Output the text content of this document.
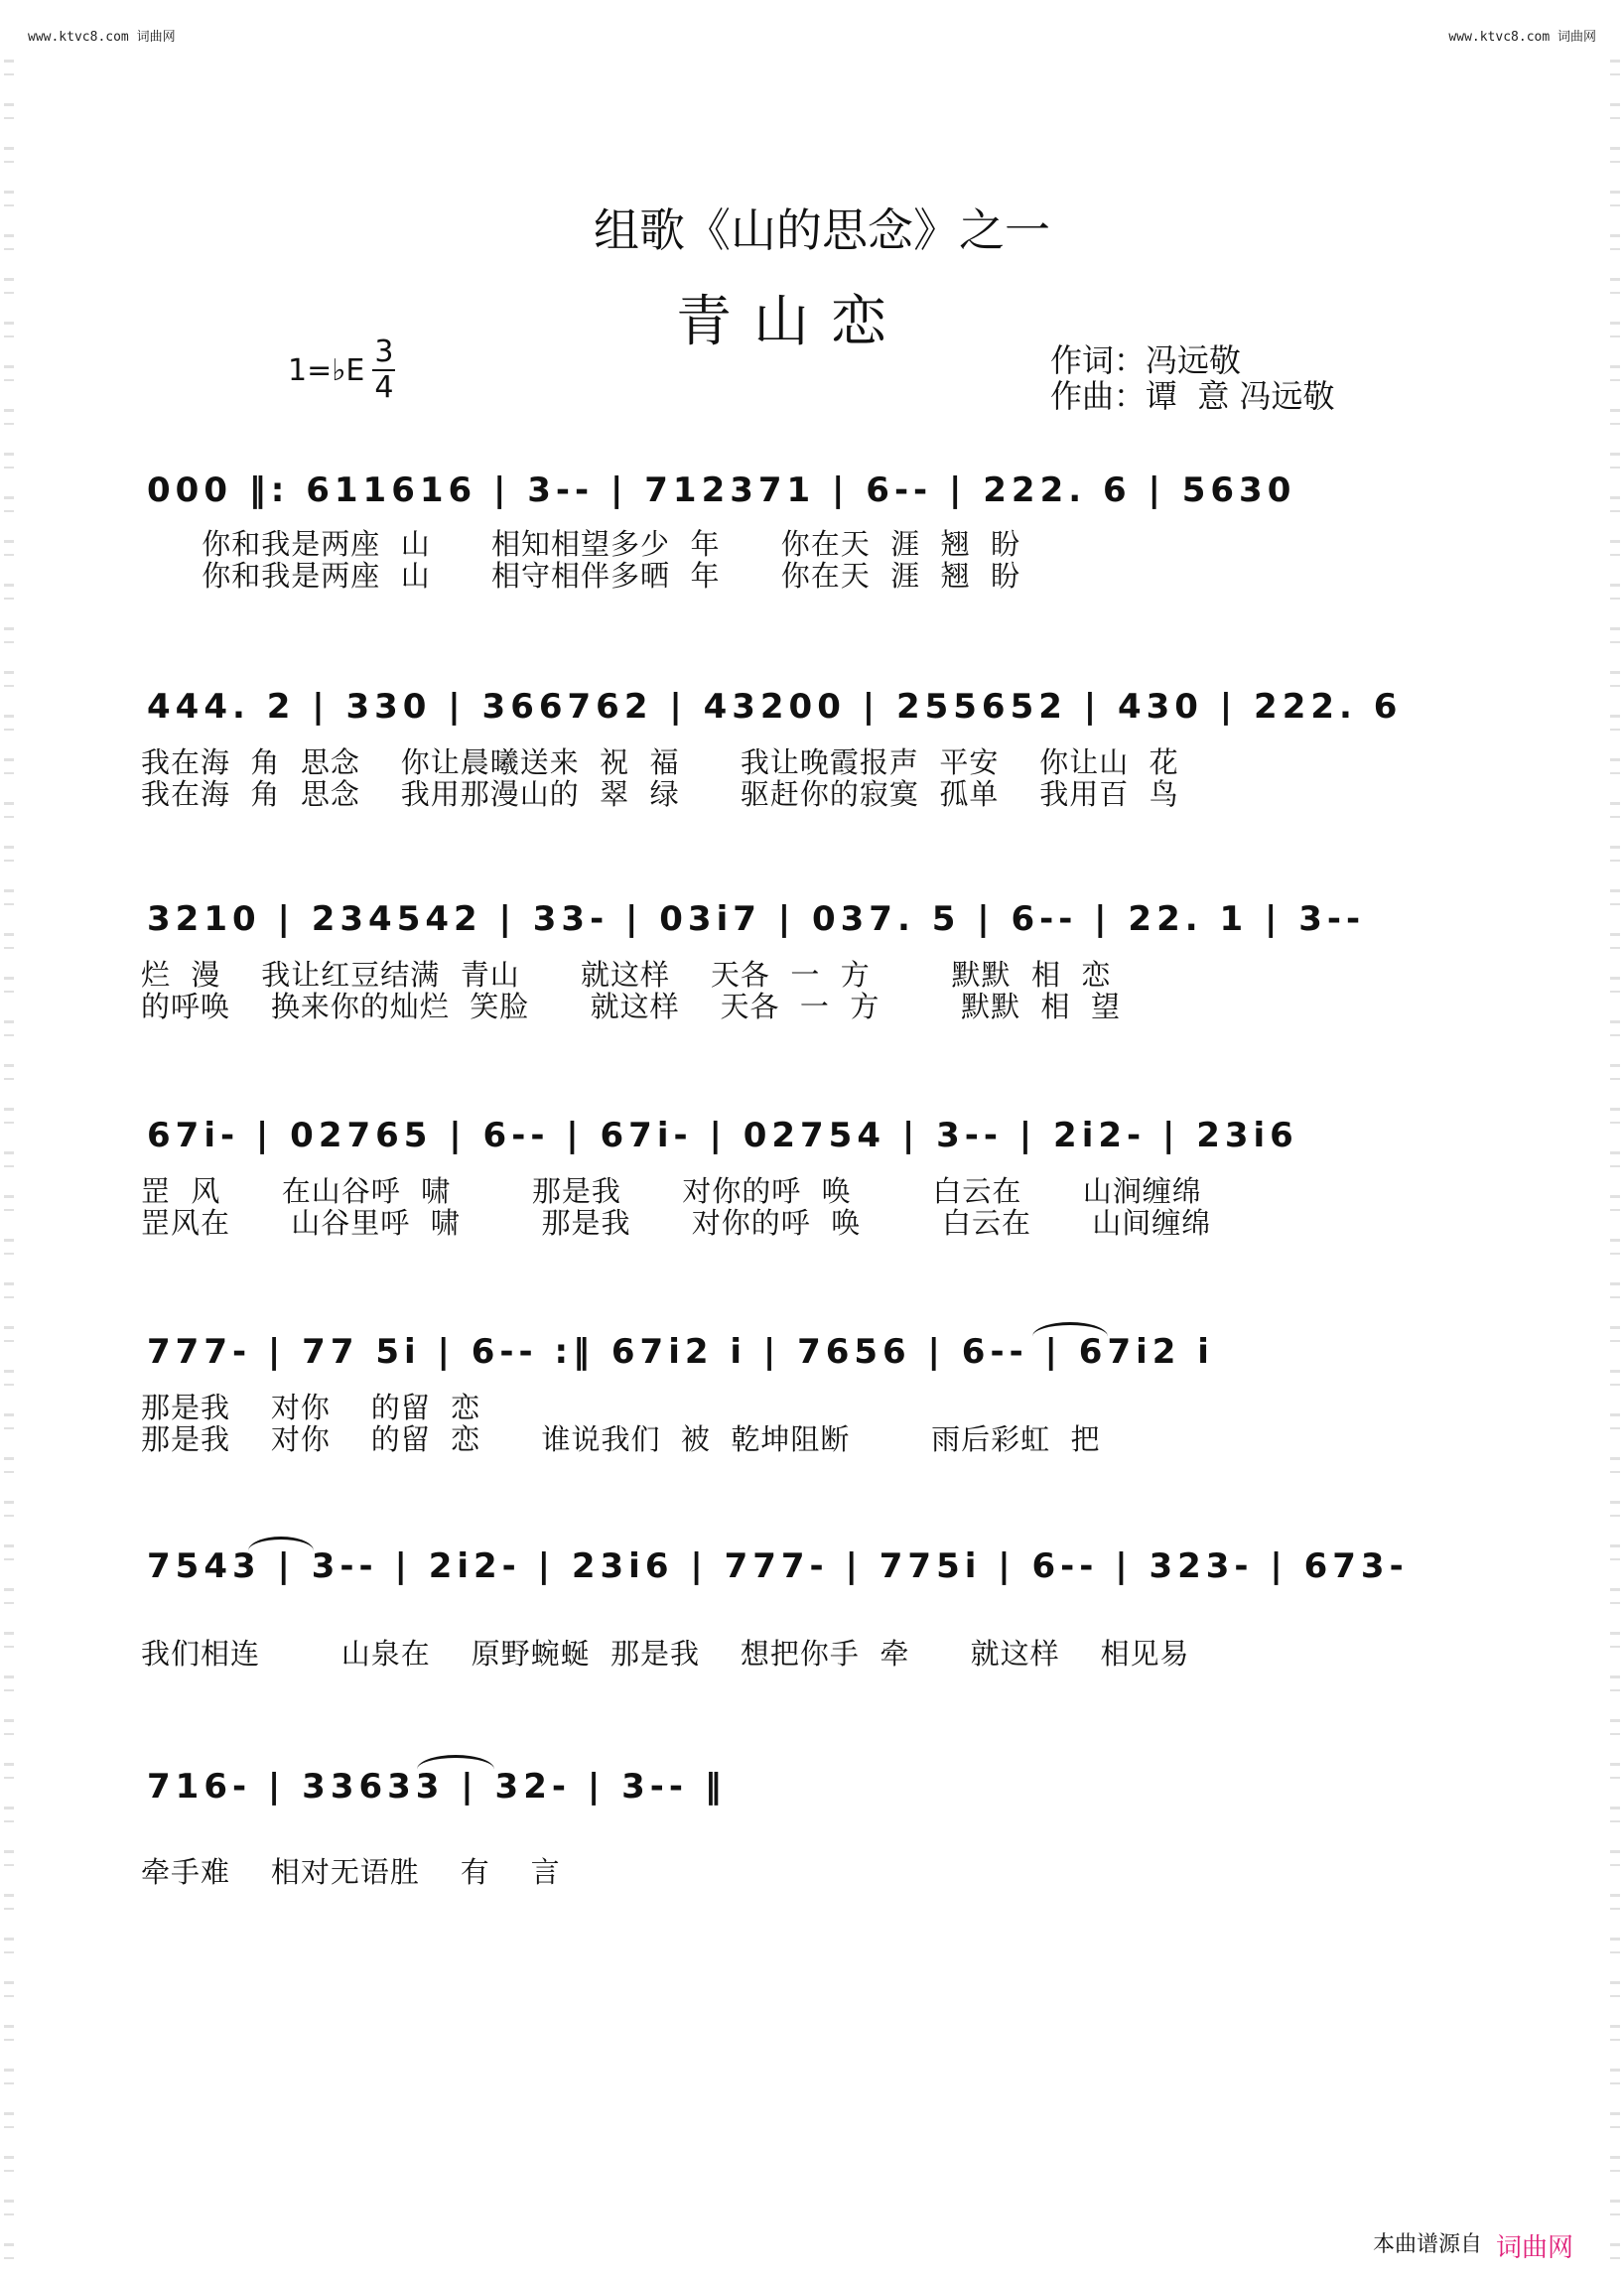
www.ktvc8.com 词曲网	www.ktvc8.com 词曲网
组歌《山的思念》之一
青山恋
1=♭E $\frac{3}{4}$	作词：冯远敬
作曲：谭  意 冯远敬
000 ‖: 611616 | 3-- | 712371 | 6-- | 222. 6 | 5630
你和我是两座  山      相知相望多少  年      你在天  涯  翘  盼
你和我是两座  山      相守相伴多晒  年      你在天  涯  翘  盼
444. 2 | 330 | 366762 | 43200 | 255652 | 430 | 222. 6
我在海  角  思念    你让晨曦送来  祝  福      我让晚霞报声  平安    你让山  花
我在海  角  思念    我用那漫山的  翠  绿      驱赶你的寂寞  孤单    我用百  鸟
3210 | 234542 | 33- | 03i7 | 037. 5 | 6-- | 22. 1 | 3--
烂  漫    我让红豆结满  青山      就这样    天各  一  方        默默  相  恋
的呼唤    换来你的灿烂  笑脸      就这样    天各  一  方        默默  相  望
67i- | 02765 | 6-- | 67i- | 02754 | 3-- | 2i2- | 23i6
罡  风      在山谷呼  啸        那是我      对你的呼  唤        白云在      山涧缠绵
罡风在      山谷里呼  啸        那是我      对你的呼  唤        白云在      山间缠绵
777- | 77 5i | 6-- :‖ 67i2 i | 7656 | 6-- | 67i2 i
那是我    对你    的留  恋
那是我    对你    的留  恋      谁说我们  被  乾坤阻断        雨后彩虹  把
7543 | 3-- | 2i2- | 23i6 | 777- | 775i | 6-- | 323- | 673-
我们相连        山泉在    原野蜿蜒  那是我    想把你手  牵      就这样    相见易
716- | 33633 | 32- | 3-- ‖
牵手难    相对无语胜    有    言
本曲谱源自 词曲网
